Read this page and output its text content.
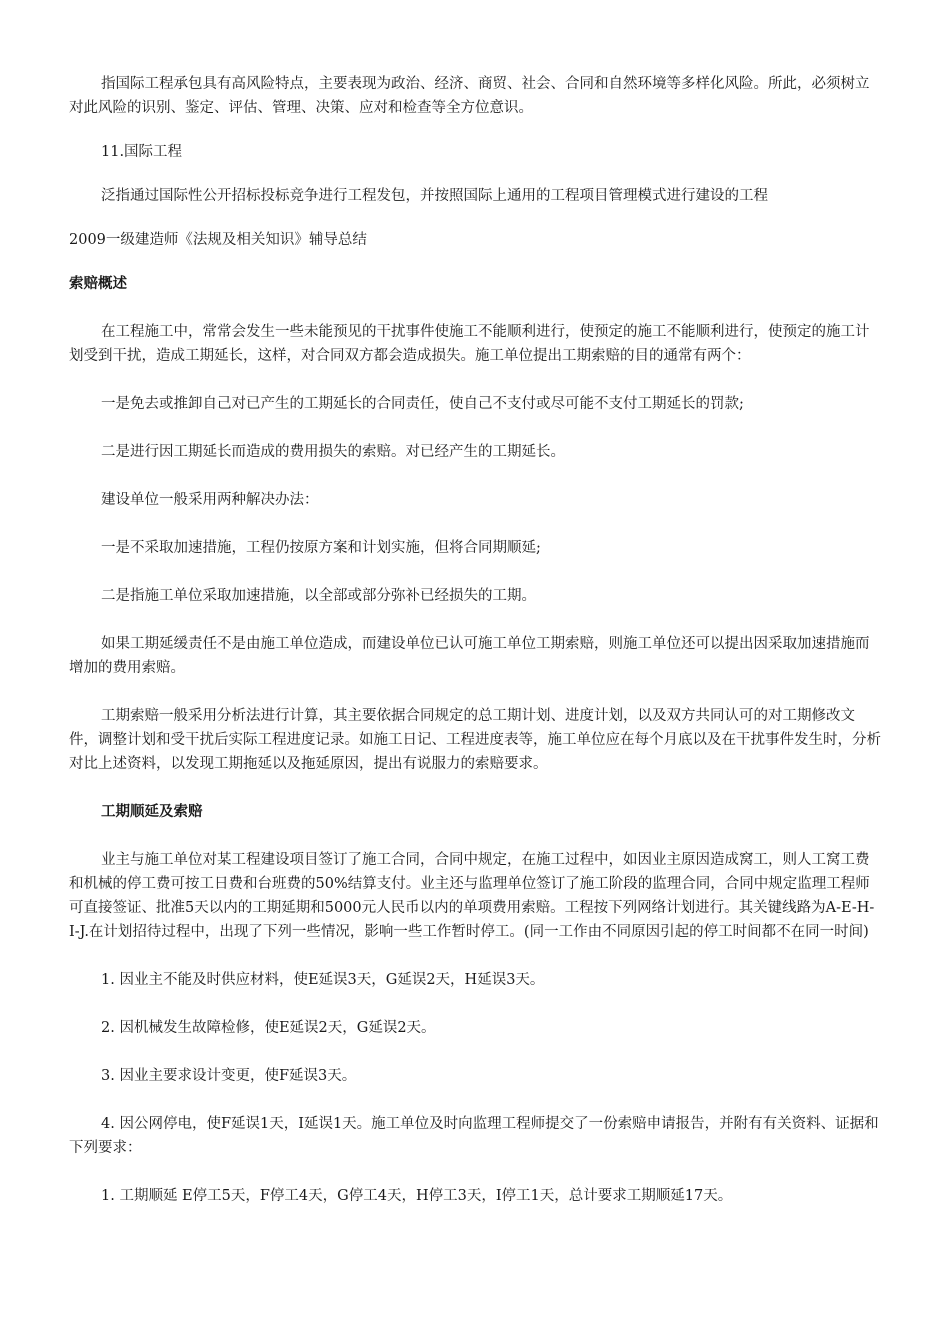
指国际工程承包具有高风险特点，主要表现为政治、经济、商贸、社会、合同和自然环境等多样化风险。所此，必须树立对此风险的识别、鉴定、评估、管理、决策、应对和检查等全方位意识。

11.国际工程

泛指通过国际性公开招标投标竞争进行工程发包，并按照国际上通用的工程项目管理模式进行建设的工程

2009一级建造师《法规及相关知识》辅导总结

索赔概述

在工程施工中，常常会发生一些未能预见的干扰事件使施工不能顺利进行，使预定的施工不能顺利进行，使预定的施工计划受到干扰，造成工期延长，这样，对合同双方都会造成损失。施工单位提出工期索赔的目的通常有两个：

一是免去或推卸自己对已产生的工期延长的合同责任，使自己不支付或尽可能不支付工期延长的罚款;

二是进行因工期延长而造成的费用损失的索赔。对已经产生的工期延长。

建设单位一般采用两种解决办法：

一是不采取加速措施，工程仍按原方案和计划实施，但将合同期顺延;

二是指施工单位采取加速措施，以全部或部分弥补已经损失的工期。

如果工期延缓责任不是由施工单位造成，而建设单位已认可施工单位工期索赔，则施工单位还可以提出因采取加速措施而增加的费用索赔。

工期索赔一般采用分析法进行计算，其主要依据合同规定的总工期计划、进度计划，以及双方共同认可的对工期修改文件，调整计划和受干扰后实际工程进度记录。如施工日记、工程进度表等，施工单位应在每个月底以及在干扰事件发生时，分析对比上述资料，以发现工期拖延以及拖延原因，提出有说服力的索赔要求。

工期顺延及索赔

业主与施工单位对某工程建设项目签订了施工合同，合同中规定，在施工过程中，如因业主原因造成窝工，则人工窝工费和机械的停工费可按工日费和台班费的50%结算支付。业主还与监理单位签订了施工阶段的监理合同，合同中规定监理工程师可直接签证、批准5天以内的工期延期和5000元人民币以内的单项费用索赔。工程按下列网络计划进行。其关键线路为A-E-H-I-J.在计划招待过程中，出现了下列一些情况，影响一些工作暂时停工。(同一工作由不同原因引起的停工时间都不在同一时间)

1. 因业主不能及时供应材料，使E延误3天，G延误2天，H延误3天。

2. 因机械发生故障检修，使E延误2天，G延误2天。

3. 因业主要求设计变更，使F延误3天。

4. 因公网停电，使F延误1天，I延误1天。施工单位及时向监理工程师提交了一份索赔申请报告，并附有有关资料、证据和下列要求：

1. 工期顺延 E停工5天，F停工4天，G停工4天，H停工3天，I停工1天，总计要求工期顺延17天。
